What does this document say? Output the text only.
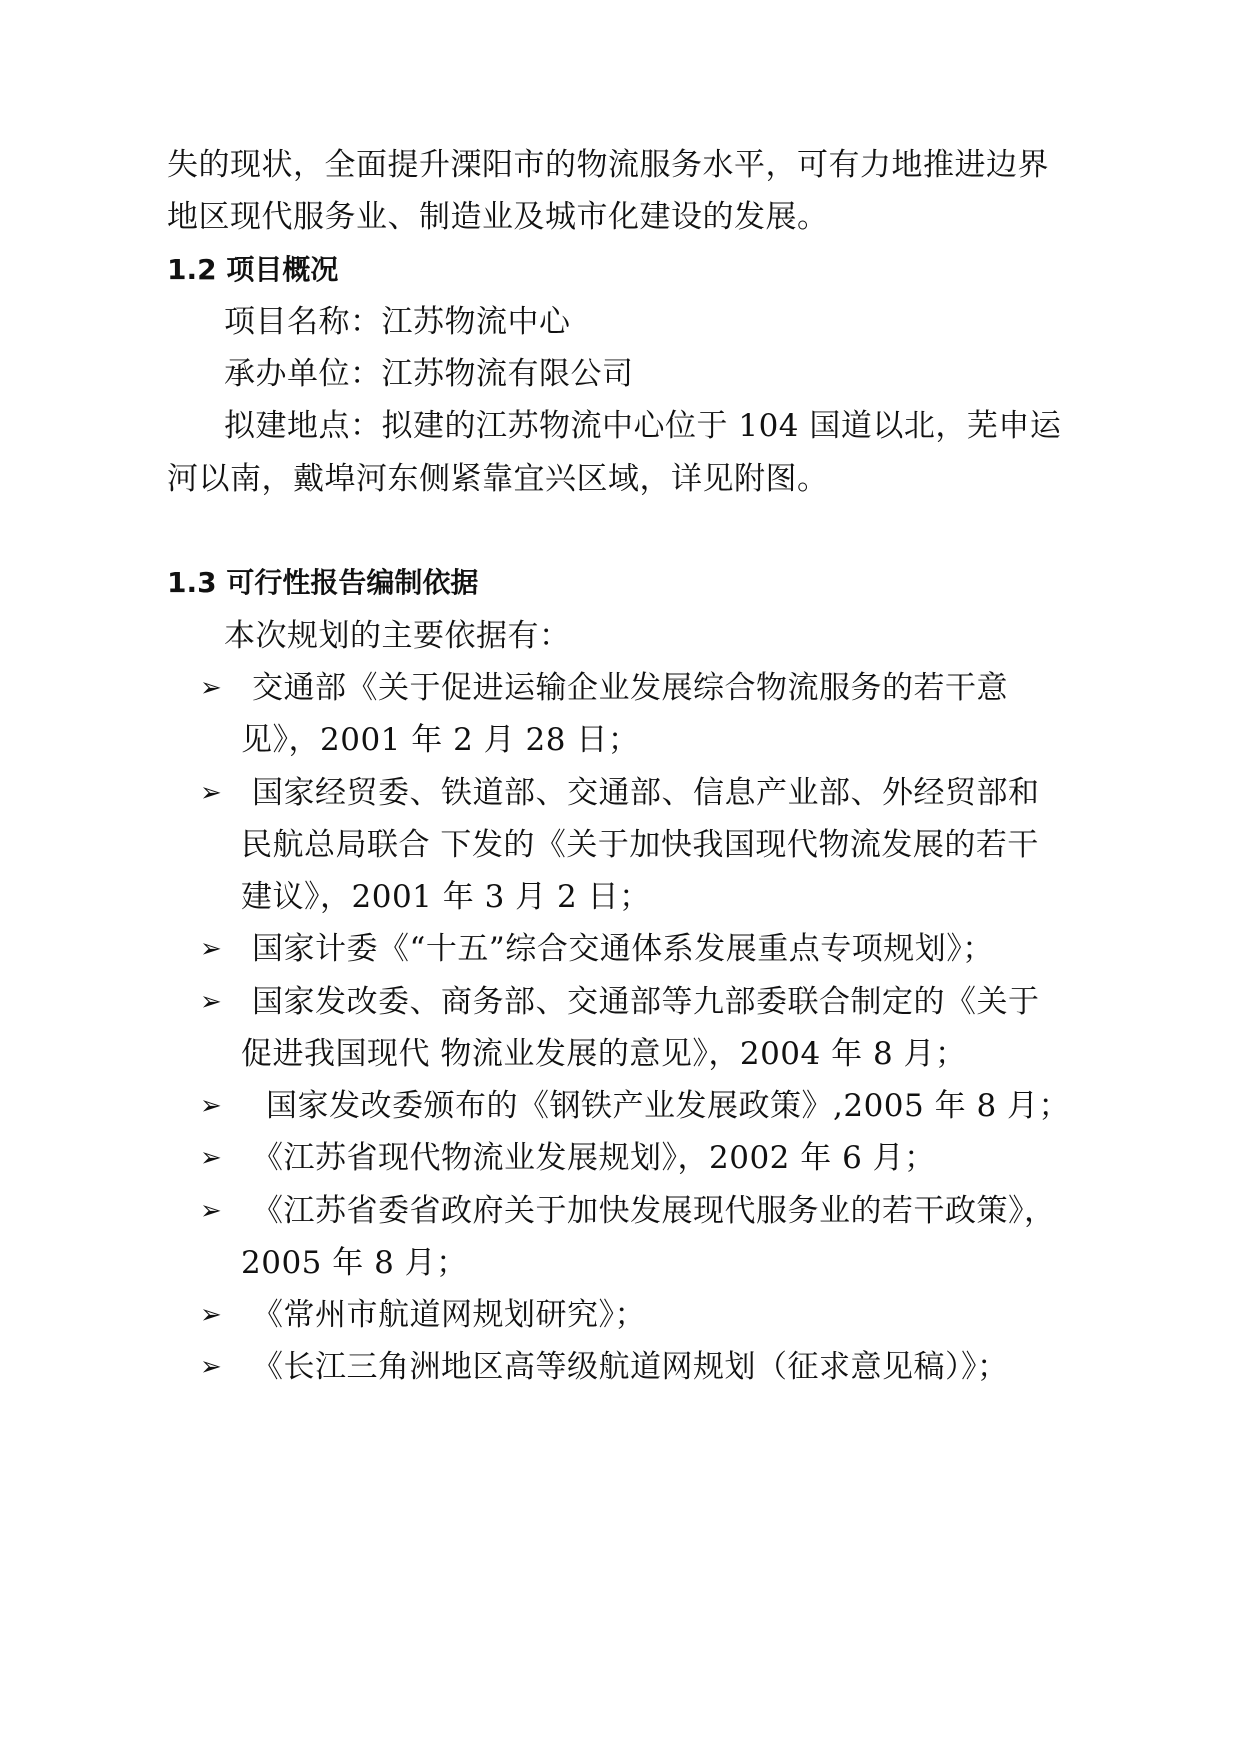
失的现状，全面提升溧阳市的物流服务水平，可有力地推进边界
地区现代服务业、制造业及城市化建设的发展。
1.2 项目概况
项目名称：江苏物流中心
承办单位：江苏物流有限公司
拟建地点：拟建的江苏物流中心位于 104 国道以北，芜申运
河以南，戴埠河东侧紧靠宜兴区域，详见附图。
1.3 可行性报告编制依据
本次规划的主要依据有：
➢ 交通部《关于促进运输企业发展综合物流服务的若干意
见》，2001 年 2 月 28 日；
➢ 国家经贸委、铁道部、交通部、信息产业部、外经贸部和
民航总局联合 下发的《关于加快我国现代物流发展的若干
建议》，2001 年 3 月 2 日；
➢ 国家计委《“十五”综合交通体系发展重点专项规划》；
➢ 国家发改委、商务部、交通部等九部委联合制定的《关于
促进我国现代 物流业发展的意见》，2004 年 8 月；
➢ 国家发改委颁布的《钢铁产业发展政策》,2005 年 8 月；
➢ 《江苏省现代物流业发展规划》，2002 年 6 月；
➢ 《江苏省委省政府关于加快发展现代服务业的若干政策》，
2005 年 8 月；
➢ 《常州市航道网规划研究》；
➢ 《长江三角洲地区高等级航道网规划（征求意见稿）》；
